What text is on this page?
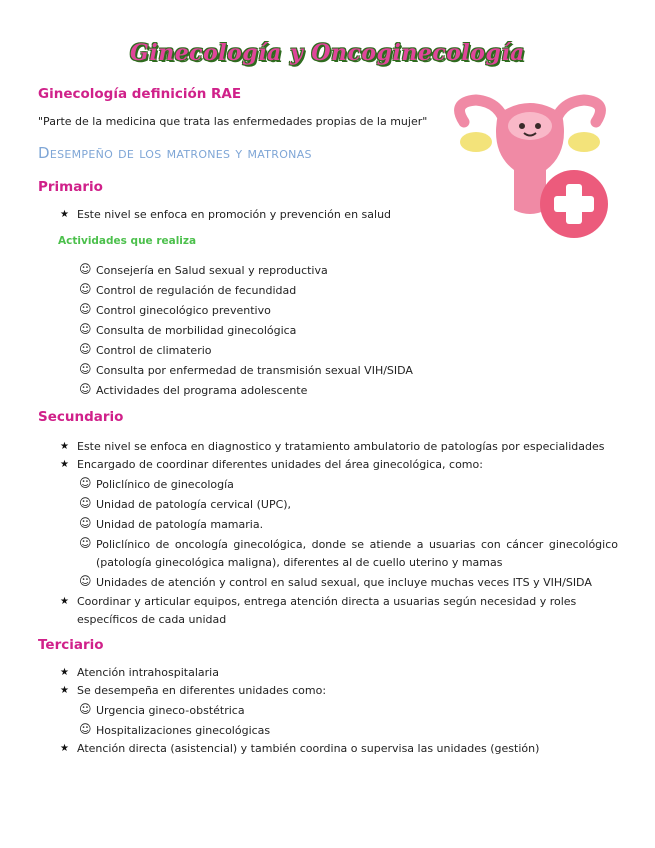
Ginecología y Oncoginecología
Ginecología definición RAE
"Parte de la medicina que trata las enfermedades propias de la mujer"
Desempeño de los matrones y matronas
Primario
★ Este nivel se enfoca en promoción y prevención en salud
Actividades que realiza
☺ Consejería en Salud sexual y reproductiva
☺ Control de regulación de fecundidad
☺ Control ginecológico preventivo
☺ Consulta de morbilidad ginecológica
☺ Control de climaterio
☺ Consulta por enfermedad de transmisión sexual VIH/SIDA
☺ Actividades del programa adolescente
Secundario
★ Este nivel se enfoca en diagnostico y tratamiento ambulatorio de patologías por especialidades
★ Encargado de coordinar diferentes unidades del área ginecológica, como:
☺ Policlínico de ginecología
☺ Unidad de patología cervical (UPC),
☺ Unidad de patología mamaria.
☺ Policlínico de oncología ginecológica, donde se atiende a usuarias con cáncer ginecológico (patología ginecológica maligna), diferentes al de cuello uterino y mamas
☺ Unidades de atención y control en salud sexual, que incluye muchas veces ITS y VIH/SIDA
★ Coordinar y articular equipos, entrega atención directa a usuarias según necesidad y roles específicos de cada unidad
Terciario
★ Atención intrahospitalaria
★ Se desempeña en diferentes unidades como:
☺ Urgencia gineco-obstétrica
☺ Hospitalizaciones ginecológicas
★ Atención directa (asistencial) y también coordina o supervisa las unidades (gestión)
